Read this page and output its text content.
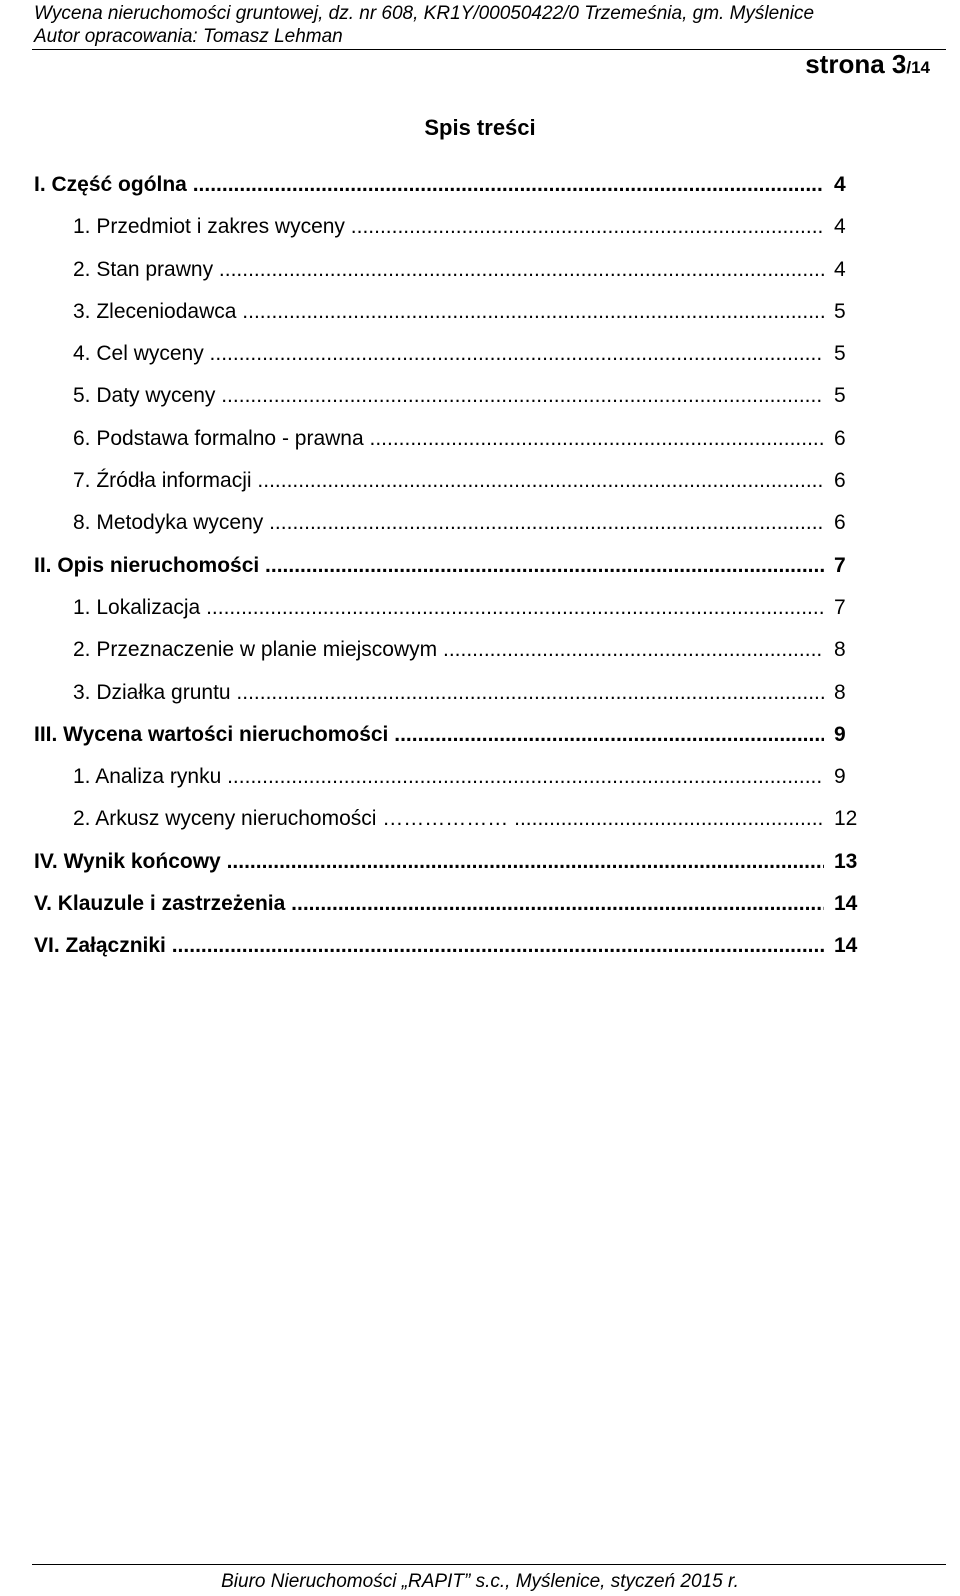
Wycena nieruchomości gruntowej, dz. nr 608, KR1Y/00050422/0 Trzemeśnia, gm. Myślenice
Autor opracowania: Tomasz Lehman
strona 3/14
Spis treści
I. Część ogólna .....	4
1. Przedmiot i zakres wyceny .....	4
2. Stan prawny .....	4
3. Zleceniodawca .....	5
4. Cel wyceny .....	5
5. Daty wyceny .....	5
6. Podstawa formalno - prawna .....	6
7. Źródła informacji .....	6
8. Metodyka wyceny .....	6
II. Opis nieruchomości .....	7
1. Lokalizacja .....	7
2. Przeznaczenie w planie miejscowym .....	8
3. Działka gruntu .....	8
III. Wycena wartości nieruchomości .....	9
1. Analiza rynku .....	9
2. Arkusz wyceny nieruchomości ……………… .....	12
IV. Wynik końcowy .....	13
V. Klauzule i zastrzeżenia .....	14
VI. Załączniki .....	14
Biuro Nieruchomości „RAPIT” s.c., Myślenice, styczeń 2015 r.
